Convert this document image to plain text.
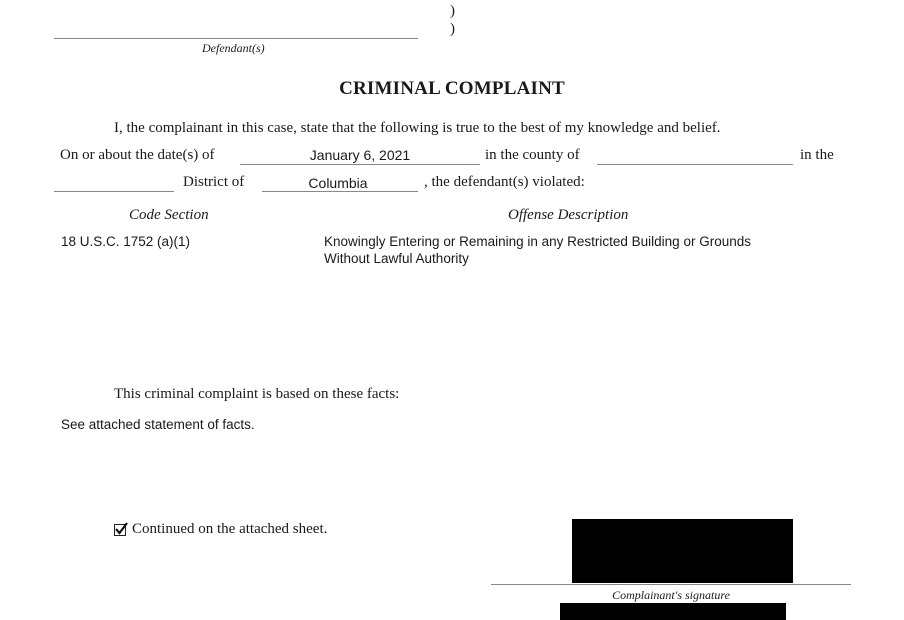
)
)
Defendant(s)
CRIMINAL COMPLAINT
I, the complainant in this case, state that the following is true to the best of my knowledge and belief.
On or about the date(s) of	January 6, 2021	in the county of	in the
District of	Columbia	, the defendant(s) violated:
Code Section	Offense Description
18 U.S.C. 1752 (a)(1)	Knowingly Entering or Remaining in any Restricted Building or Grounds
Without Lawful Authority
This criminal complaint is based on these facts:
See attached statement of facts.
Continued on the attached sheet.
Complainant's signature
